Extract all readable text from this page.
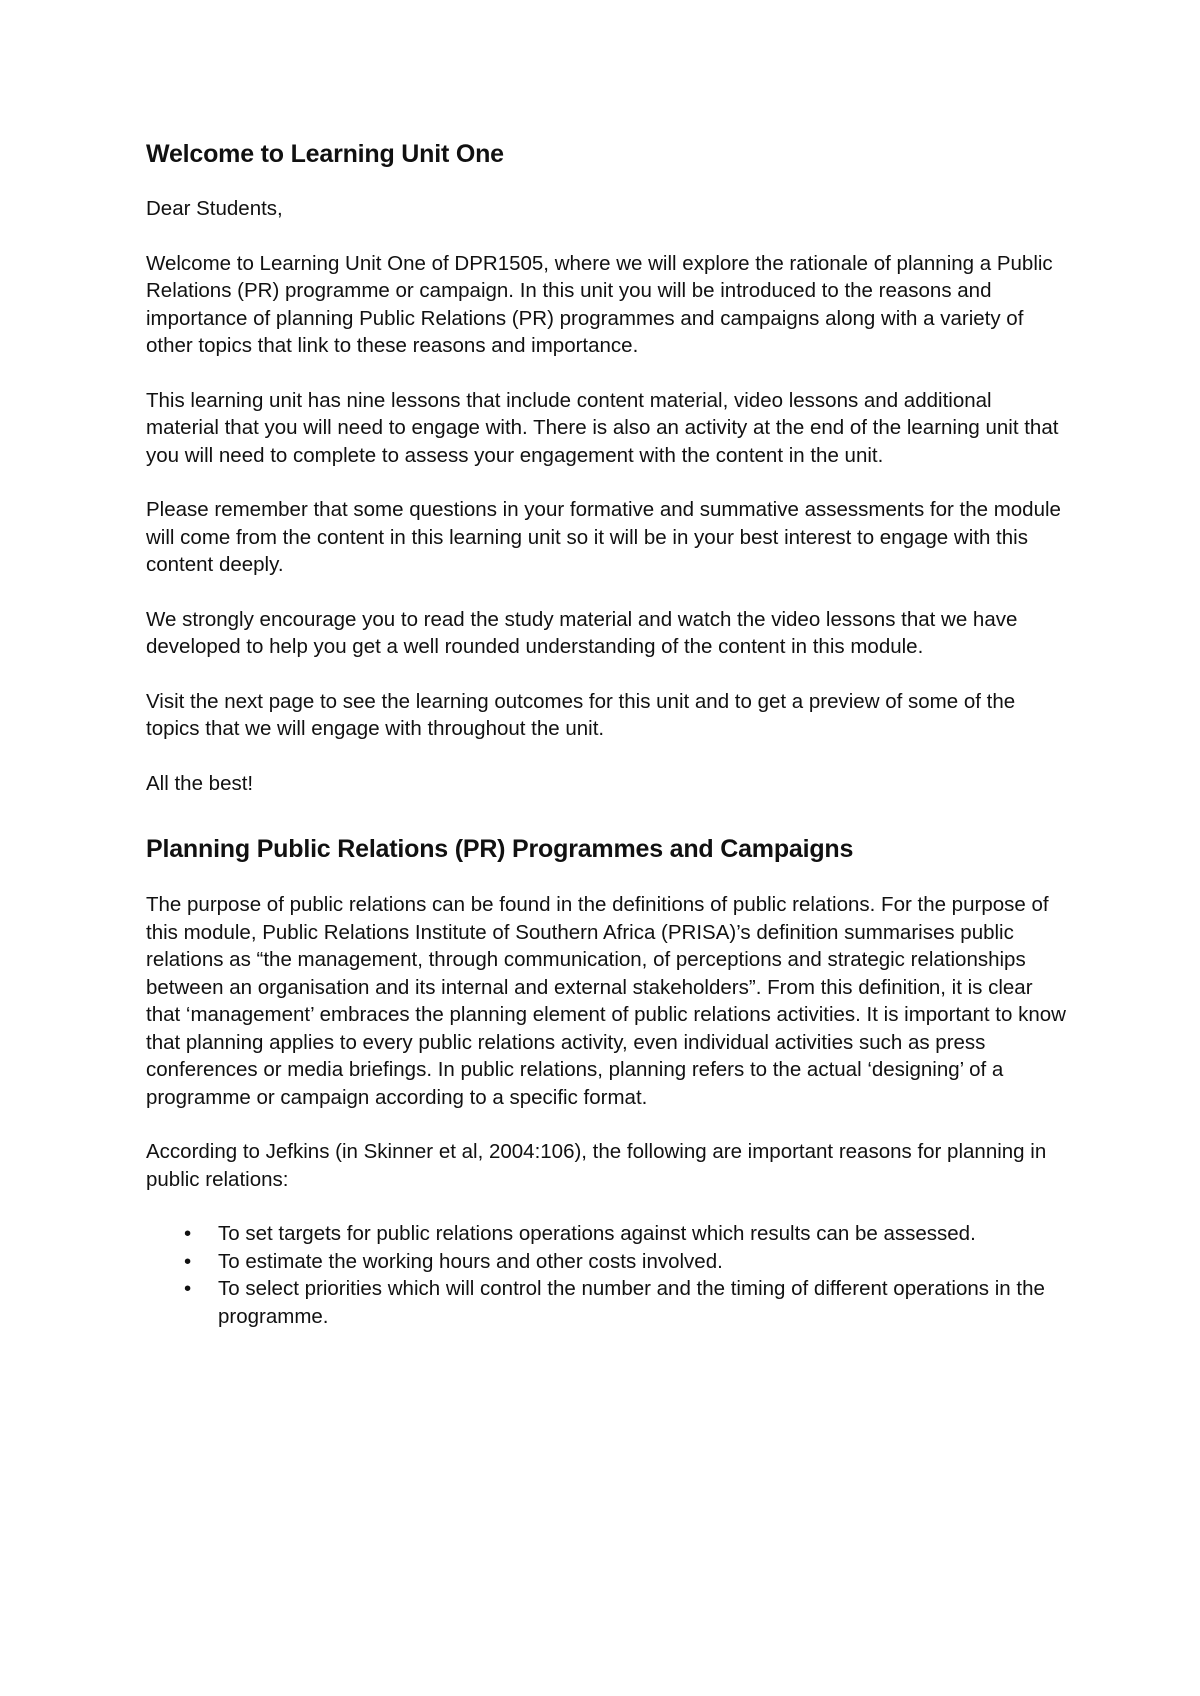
Welcome to Learning Unit One

Dear Students,

Welcome to Learning Unit One of DPR1505, where we will explore the rationale of planning a Public Relations (PR) programme or campaign. In this unit you will be introduced to the reasons and importance of planning Public Relations (PR) programmes and campaigns along with a variety of other topics that link to these reasons and importance.

This learning unit has nine lessons that include content material, video lessons and additional material that you will need to engage with. There is also an activity at the end of the learning unit that you will need to complete to assess your engagement with the content in the unit.

Please remember that some questions in your formative and summative assessments for the module will come from the content in this learning unit so it will be in your best interest to engage with this content deeply.

We strongly encourage you to read the study material and watch the video lessons that we have developed to help you get a well rounded understanding of the content in this module.

Visit the next page to see the learning outcomes for this unit and to get a preview of some of the topics that we will engage with throughout the unit.

All the best!

Planning Public Relations (PR) Programmes and Campaigns

The purpose of public relations can be found in the definitions of public relations. For the purpose of this module, Public Relations Institute of Southern Africa (PRISA)’s definition summarises public relations as “the management, through communication, of perceptions and strategic relationships between an organisation and its internal and external stakeholders”. From this definition, it is clear that ‘management’ embraces the planning element of public relations activities. It is important to know that planning applies to every public relations activity, even individual activities such as press conferences or media briefings. In public relations, planning refers to the actual ‘designing’ of a programme or campaign according to a specific format.

According to Jefkins (in Skinner et al, 2004:106), the following are important reasons for planning in public relations:

•	To set targets for public relations operations against which results can be assessed.
•	To estimate the working hours and other costs involved.
•	To select priorities which will control the number and the timing of different operations in the programme.
